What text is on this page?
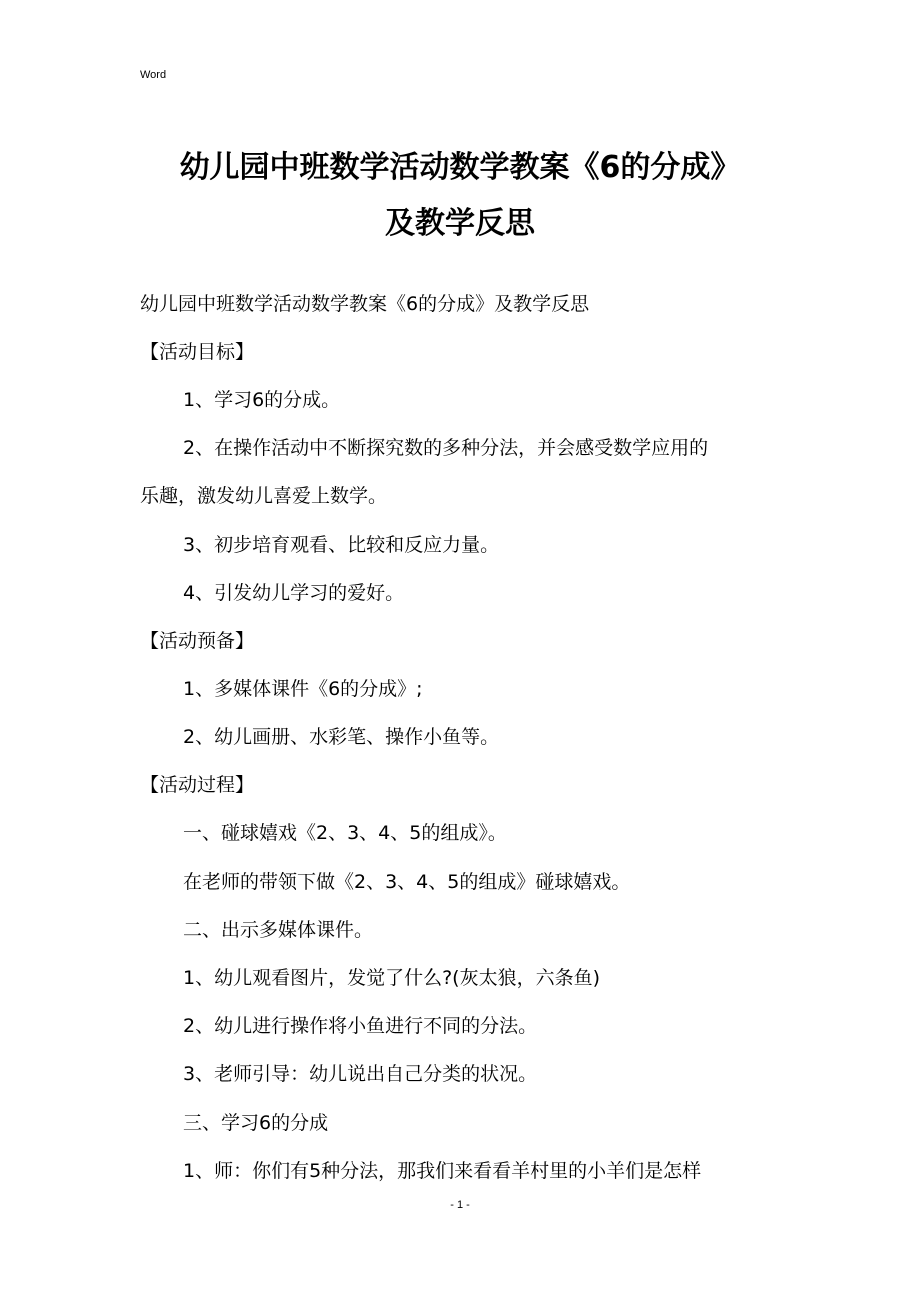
Word
幼儿园中班数学活动数学教案《6的分成》
及教学反思
幼儿园中班数学活动数学教案《6的分成》及教学反思
【活动目标】
1、学习6的分成。
2、在操作活动中不断探究数的多种分法，并会感受数学应用的
乐趣，激发幼儿喜爱上数学。
3、初步培育观看、比较和反应力量。
4、引发幼儿学习的爱好。
【活动预备】
1、多媒体课件《6的分成》;
2、幼儿画册、水彩笔、操作小鱼等。
【活动过程】
一、碰球嬉戏《2、3、4、5的组成》。
在老师的带领下做《2、3、4、5的组成》碰球嬉戏。
二、出示多媒体课件。
1、幼儿观看图片，发觉了什么?(灰太狼，六条鱼)
2、幼儿进行操作将小鱼进行不同的分法。
3、老师引导：幼儿说出自己分类的状况。
三、学习6的分成
1、师：你们有5种分法，那我们来看看羊村里的小羊们是怎样
- 1 -
